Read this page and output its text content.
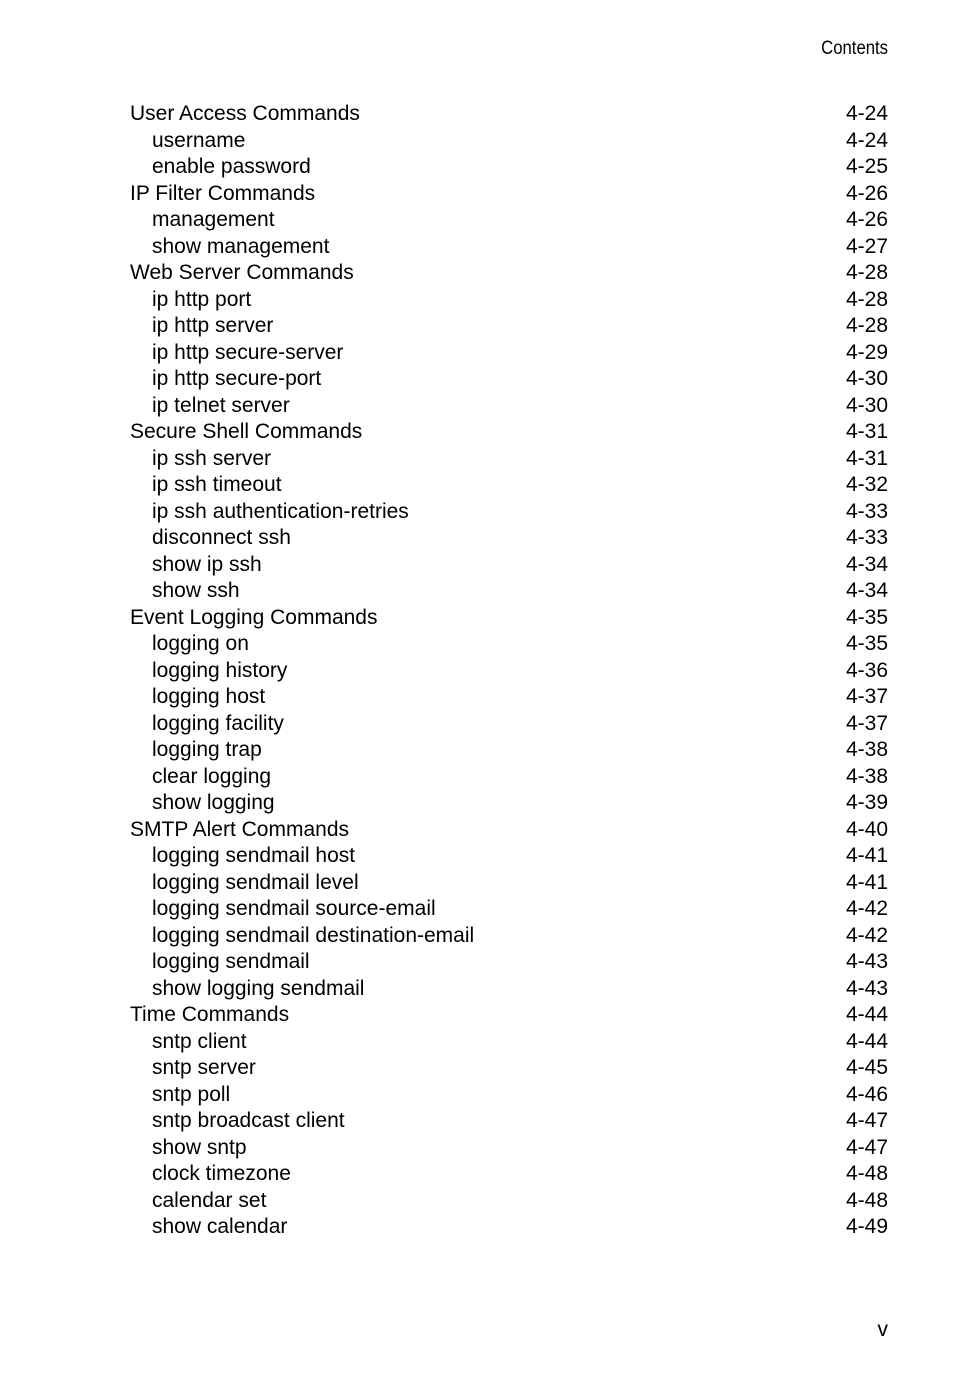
Contents
User Access Commands	4-24
username	4-24
enable password	4-25
IP Filter Commands	4-26
management	4-26
show management	4-27
Web Server Commands	4-28
ip http port	4-28
ip http server	4-28
ip http secure-server	4-29
ip http secure-port	4-30
ip telnet server	4-30
Secure Shell Commands	4-31
ip ssh server	4-31
ip ssh timeout	4-32
ip ssh authentication-retries	4-33
disconnect ssh	4-33
show ip ssh	4-34
show ssh	4-34
Event Logging Commands	4-35
logging on	4-35
logging history	4-36
logging host	4-37
logging facility	4-37
logging trap	4-38
clear logging	4-38
show logging	4-39
SMTP Alert Commands	4-40
logging sendmail host	4-41
logging sendmail level	4-41
logging sendmail source-email	4-42
logging sendmail destination-email	4-42
logging sendmail	4-43
show logging sendmail	4-43
Time Commands	4-44
sntp client	4-44
sntp server	4-45
sntp poll	4-46
sntp broadcast client	4-47
show sntp	4-47
clock timezone	4-48
calendar set	4-48
show calendar	4-49
v
